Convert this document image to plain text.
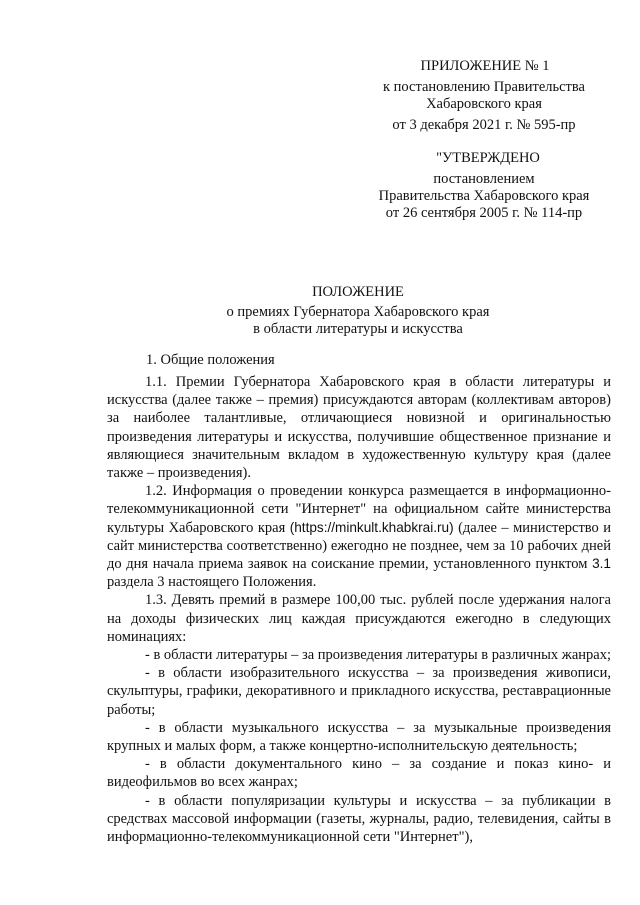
ПРИЛОЖЕНИЕ № 1
к постановлению Правительства
Хабаровского края
от 3 декабря 2021 г. № 595-пр
"УТВЕРЖДЕНО
постановлением
Правительства Хабаровского края
от 26 сентября 2005 г. № 114-пр
ПОЛОЖЕНИЕ
о премиях Губернатора Хабаровского края
в области литературы и искусства
1. Общие положения

1.1. Премии Губернатора Хабаровского края в области литературы и искусства (далее также – премия) присуждаются авторам (коллективам авторов) за наиболее талантливые, отличающиеся новизной и оригинальностью произведения литературы и искусства, получившие общественное признание и являющиеся значительным вкладом в художественную культуру края (далее также – произведения).

1.2. Информация о проведении конкурса размещается в информационно-телекоммуникационной сети "Интернет" на официальном сайте министерства культуры Хабаровского края (https://minkult.khabkrai.ru) (далее – министерство и сайт министерства соответственно) ежегодно не позднее, чем за 10 рабочих дней до дня начала приема заявок на соискание премии, установленного пунктом 3.1 раздела 3 настоящего Положения.

1.3. Девять премий в размере 100,00 тыс. рублей после удержания налога на доходы физических лиц каждая присуждаются ежегодно в следующих номинациях:

- в области литературы – за произведения литературы в различных жанрах;

- в области изобразительного искусства – за произведения живописи, скульптуры, графики, декоративного и прикладного искусства, реставрационные работы;

- в области музыкального искусства – за музыкальные произведения крупных и малых форм, а также концертно-исполнительскую деятельность;

- в области документального кино – за создание и показ кино- и видеофильмов во всех жанрах;

- в области популяризации культуры и искусства – за публикации в средствах массовой информации (газеты, журналы, радио, телевидения, сайты в информационно-телекоммуникационной сети "Интернет"),
